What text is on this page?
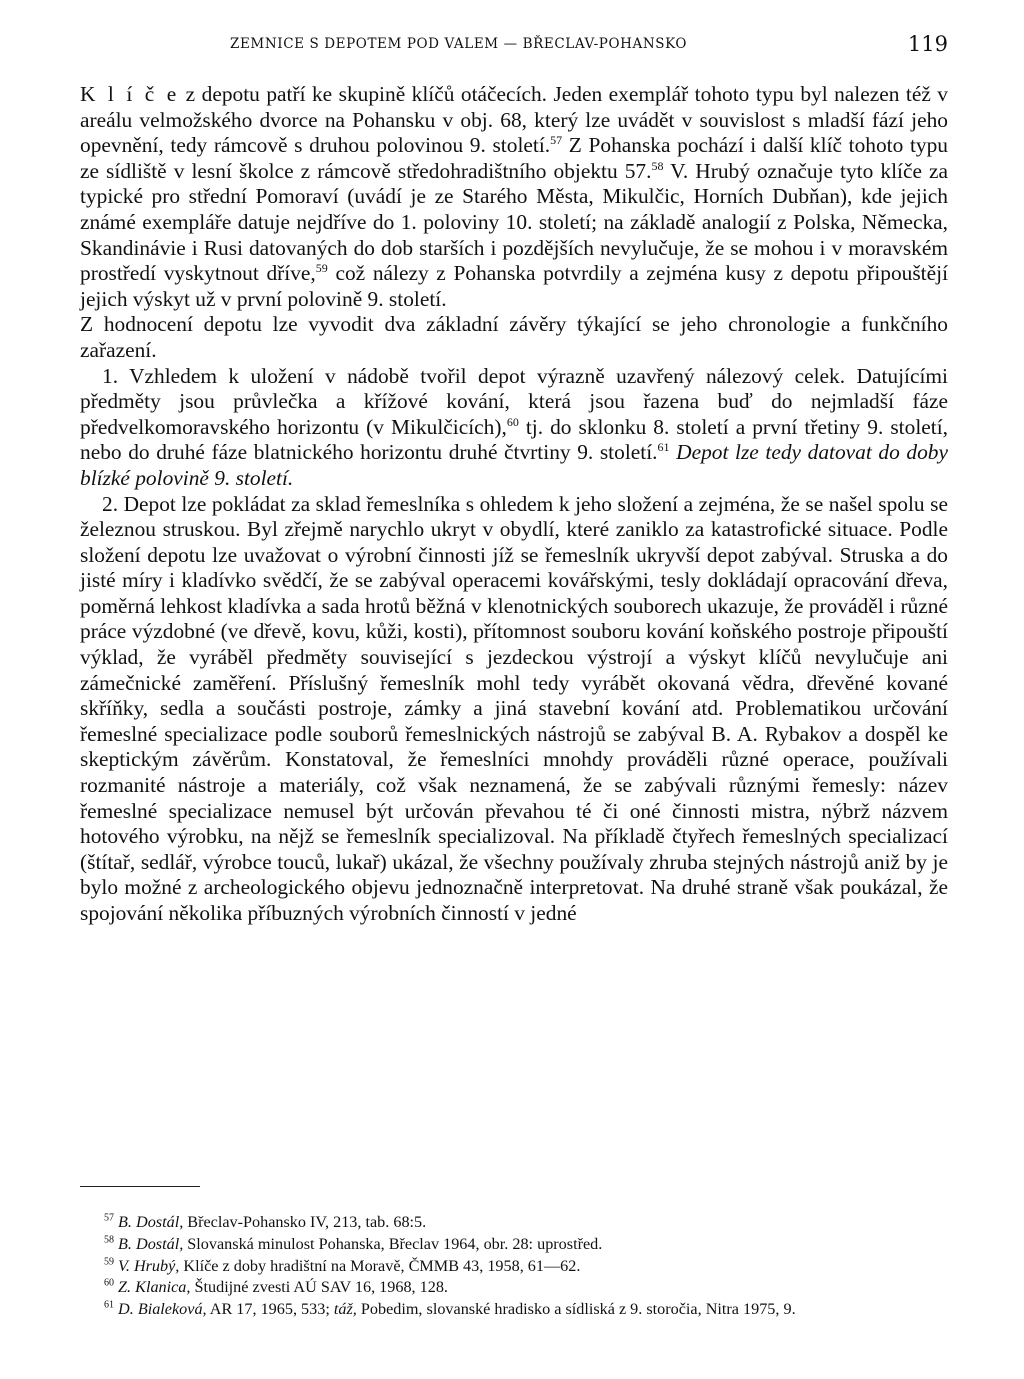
ZEMNICE S DEPOTEM POD VALEM — BŘECLAV-POHANSKO	119

K l í č e z depotu patří ke skupině klíčů otáčecích. Jeden exemplář tohoto typu byl nalezen též v areálu velmožského dvorce na Pohansku v obj. 68, který lze uvádět v souvislost s mladší fází jeho opevnění, tedy rámcově s druhou polovinou 9. století.$^{57}$ Z Pohanska pochází i další klíč tohoto typu ze sídliště v lesní školce z rámcově středohradištního objektu 57.58 V. Hrubý označuje tyto klíče za typické pro střední Pomoraví (uvádí je ze Starého Města, Mikulčic, Horních Dubňan), kde jejich známé exempláře datuje nejdříve do 1. poloviny 10. století; na základě analogií z Polska, Německa, Skandinávie i Rusi datovaných do dob starších i pozdějších nevylučuje, že se mohou i v moravském prostředí vyskytnout dříve,$^{59}$ což nálezy z Pohanska potvrdily a zejména kusy z depotu připouštějí jejich výskyt už v první polovině 9. století.

Z hodnocení depotu lze vyvodit dva základní závěry týkající se jeho chronologie a funkčního zařazení.

1. Vzhledem k uložení v nádobě tvořil depot výrazně uzavřený nálezový celek. Datujícími předměty jsou průvlečka a křížové kování, která jsou řazena buď do nejmladší fáze předvelkomoravského horizontu (v Mikulčicích),$^{60}$ tj. do sklonku 8. století a první třetiny 9. století, nebo do druhé fáze blatnického horizontu druhé čtvrtiny 9. století.$^{61}$ Depot lze tedy datovat do doby blízké polovině 9. století.

2. Depot lze pokládat za sklad řemeslníka s ohledem k jeho složení a zejména, že se našel spolu se železnou struskou. Byl zřejmě narychlo ukryt v obydlí, které zaniklo za katastrofické situace. Podle složení depotu lze uvažovat o výrobní činnosti jíž se řemeslník ukryvší depot zabýval. Struska a do jisté míry i kladívko svědčí, že se zabýval operacemi kovářskými, tesly dokládají opracování dřeva, poměrná lehkost kladívka a sada hrotů běžná v klenotnických souborech ukazuje, že prováděl i různé práce výzdobné (ve dřevě, kovu, kůži, kosti), přítomnost souboru kování koňského postroje připouští výklad, že vyráběl předměty související s jezdeckou výstrojí a výskyt klíčů nevylučuje ani zámečnické zaměření. Příslušný řemeslník mohl tedy vyrábět okovaná vědra, dřevěné kované skříňky, sedla a součásti postroje, zámky a jiná stavební kování atd. Problematikou určování řemeslné specializace podle souborů řemeslnických nástrojů se zabýval B. A. Rybakov a dospěl ke skeptickým závěrům. Konstatoval, že řemeslníci mnohdy prováděli různé operace, používali rozmanité nástroje a materiály, což však neznamená, že se zabývali různými řemesly: název řemeslné specializace nemusel být určován převahou té či oné činnosti mistra, nýbrž názvem hotového výrobku, na nějž se řemeslník specializoval. Na příkladě čtyřech řemeslných specializací (štítař, sedlář, výrobce touců, lukař) ukázal, že všechny používaly zhruba stejných nástrojů aniž by je bylo možné z archeologického objevu jednoznačně interpretovat. Na druhé straně však poukázal, že spojování několika příbuzných výrobních činností v jedné

$^{57}$ B. Dostál, Břeclav-Pohansko IV, 213, tab. 68:5.

$^{58}$ B. Dostál, Slovanská minulost Pohanska, Břeclav 1964, obr. 28: uprostřed.

$^{59}$ V. Hrubý, Klíče z doby hradištní na Moravě, ČMMB 43, 1958, 61—62.

$^{60}$ Z. Klanica, Študijné zvesti AÚ SAV 16, 1968, 128.

$^{61}$ D. Bialeková, AR 17, 1965, 533; táž, Pobedim, slovanské hradisko a sídliská z 9. storočia, Nitra 1975, 9.
